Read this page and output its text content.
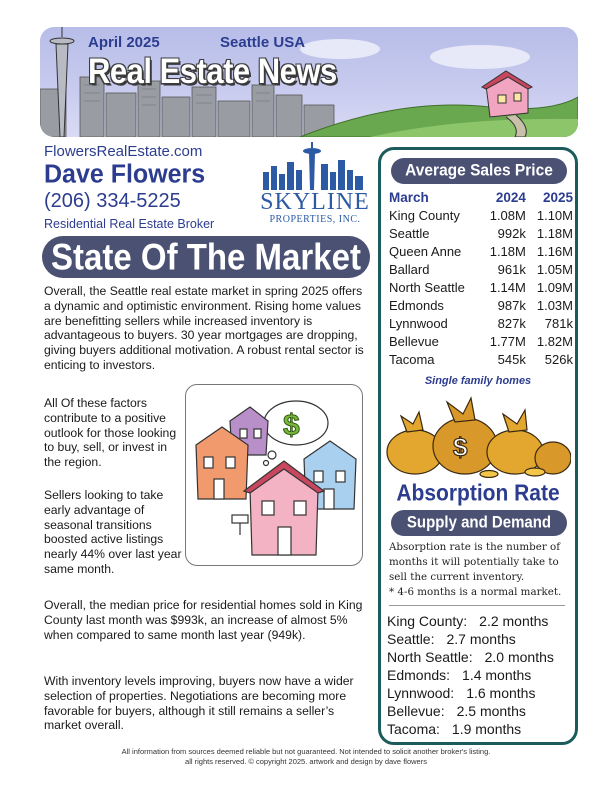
April 2025	Seattle USA
Real Estate News
FlowersRealEstate.com
Dave Flowers
(206) 334-5225
Residential Real Estate Broker
SKYLINE
PROPERTIES, INC.
State Of The Market

Overall, the Seattle real estate market in spring 2025 offers a dynamic and optimistic environment. Rising home values are benefitting sellers while increased inventory is advantageous to buyers. 30 year mortgages are dropping, giving buyers additional motivation. A robust rental sector is enticing to investors.

All Of these factors contribute to a positive outlook for those looking to buy, sell, or invest in the region.

Sellers looking to take early advantage of seasonal transitions boosted active listings nearly 44% over last year same month.

Overall, the median price for residential homes sold in King County last month was $993k, an increase of almost 5% when compared to same month last year (949k).

With inventory levels improving, buyers now have a wider selection of properties. Negotiations are becoming more favorable for buyers, although it still remains a seller’s market overall.

$
Average Sales Price
March	2024	2025
King County	1.08M	1.10M
Seattle	992k	1.18M
Queen Anne	1.18M	1.16M
Ballard	961k	1.05M
North Seattle	1.14M	1.09M
Edmonds	987k	1.03M
Lynnwood	827k	781k
Bellevue	1.77M	1.82M
Tacoma	545k	526k
Single family homes
$
Absorption Rate
Supply and Demand
Absorption rate is the number of months it will potentially take to sell the current inventory.
* 4-6 months is a normal market.
King County: 2.2 months
Seattle: 2.7 months
North Seattle: 2.0 months
Edmonds: 1.4 months
Lynnwood: 1.6 months
Bellevue: 2.5 months
Tacoma: 1.9 months
All information from sources deemed reliable but not guaranteed. Not intended to solicit another broker's listing.
all rights reserved. © copyright 2025. artwork and design by dave flowers
